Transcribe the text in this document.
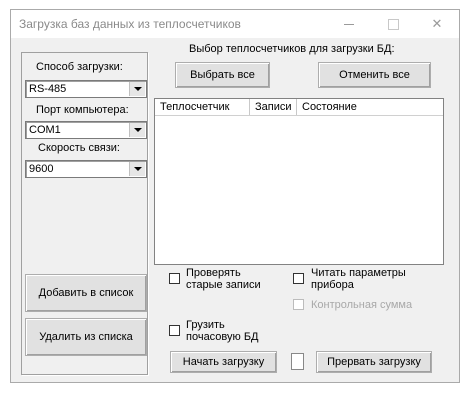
Загрузка баз данных из теплосчетчиков	✕
Способ загрузки:
RS-485
Порт компьютера:
COM1
Скорость связи:
9600
Добавить в список
Удалить из списка
Выбор теплосчетчиков для загрузки БД:
Выбрать все	Отменить все
Теплосчетчик	Записи Состояние
Проверять
старые записи
Читать параметры
прибора
Контрольная сумма
Грузить
почасовую БД
Начать загрузку	Прервать загрузку
